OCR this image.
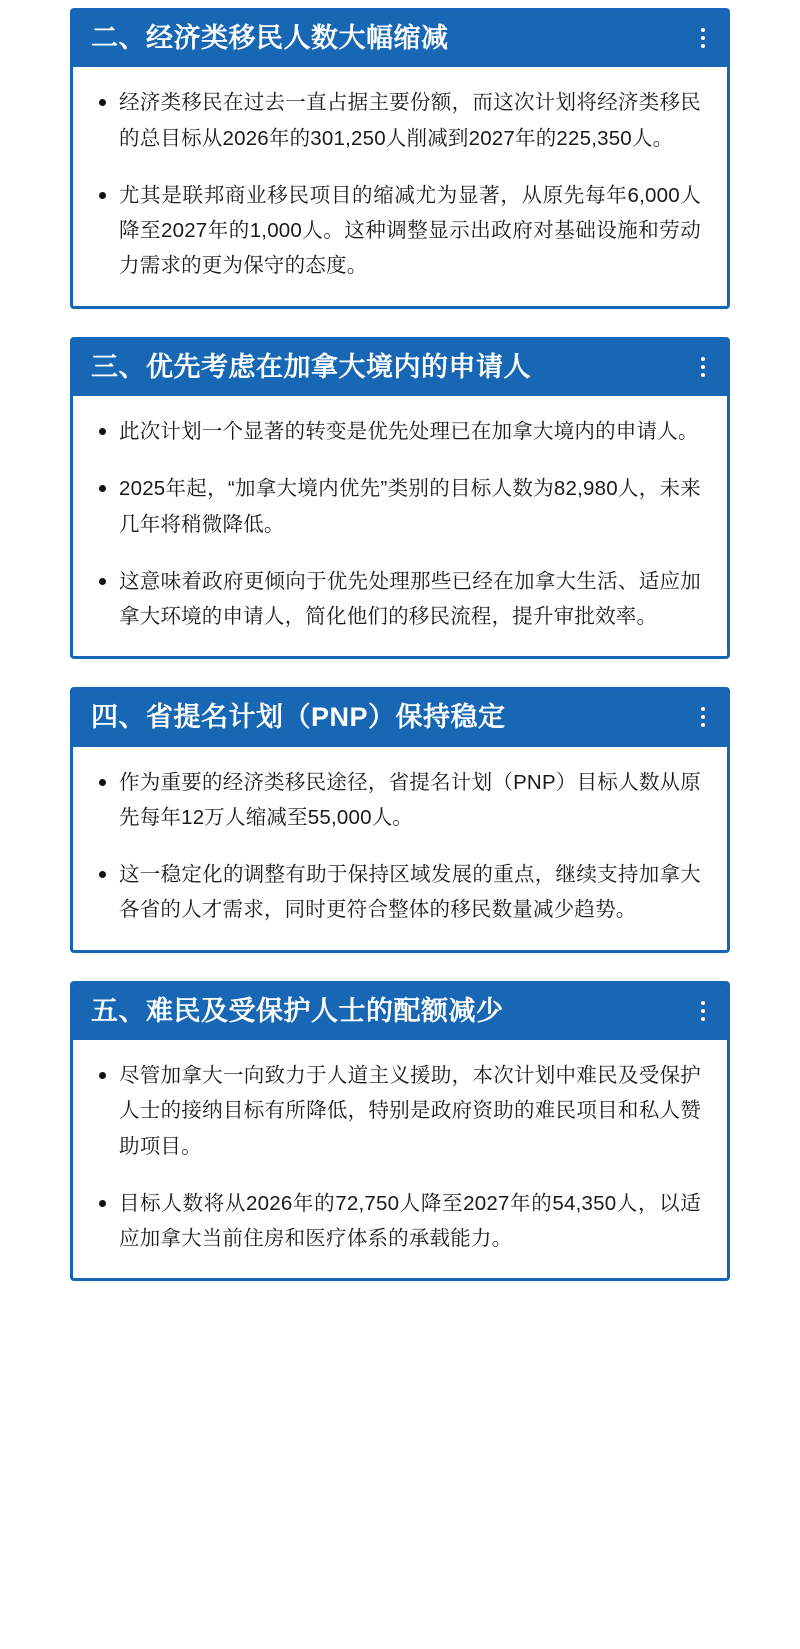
二、经济类移民人数大幅缩减
经济类移民在过去一直占据主要份额，而这次计划将经济类移民的总目标从2026年的301,250人削减到2027年的225,350人。
尤其是联邦商业移民项目的缩减尤为显著，从原先每年6,000人降至2027年的1,000人。这种调整显示出政府对基础设施和劳动力需求的更为保守的态度。
三、优先考虑在加拿大境内的申请人
此次计划一个显著的转变是优先处理已在加拿大境内的申请人。
2025年起，“加拿大境内优先”类别的目标人数为82,980人，未来几年将稍微降低。
这意味着政府更倾向于优先处理那些已经在加拿大生活、适应加拿大环境的申请人，简化他们的移民流程，提升审批效率。
四、省提名计划（PNP）保持稳定
作为重要的经济类移民途径，省提名计划（PNP）目标人数从原先每年12万人缩减至55,000人。
这一稳定化的调整有助于保持区域发展的重点，继续支持加拿大各省的人才需求，同时更符合整体的移民数量减少趋势。
五、难民及受保护人士的配额减少
尽管加拿大一向致力于人道主义援助，本次计划中难民及受保护人士的接纳目标有所降低，特别是政府资助的难民项目和私人赞助项目。
目标人数将从2026年的72,750人降至2027年的54,350人，以适应加拿大当前住房和医疗体系的承载能力。
